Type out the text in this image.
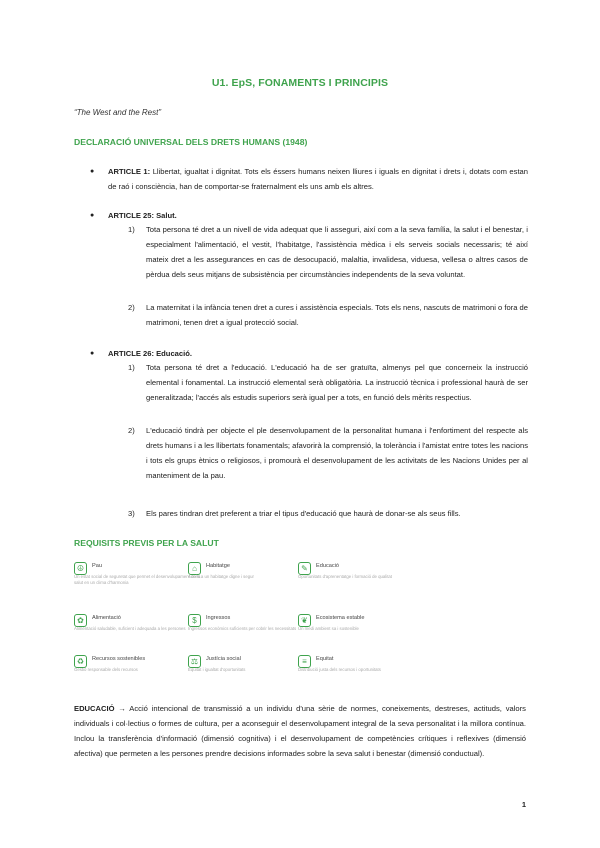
U1. EpS, FONAMENTS I PRINCIPIS
“The West and the Rest”
DECLARACIÓ UNIVERSAL DELS DRETS HUMANS (1948)
● ARTICLE 1: Llibertat, igualtat i dignitat. Tots els éssers humans neixen lliures i iguals en dignitat i drets i, dotats com estan de raó i consciència, han de comportar-se fraternalment els uns amb els altres.
● ARTICLE 25: Salut.
1) Tota persona té dret a un nivell de vida adequat que li asseguri, així com a la seva família, la salut i el benestar, i especialment l'alimentació, el vestit, l'habitatge, l'assistència mèdica i els serveis socials necessaris; té així mateix dret a les assegurances en cas de desocupació, malaltia, invalidesa, viduesa, vellesa o altres casos de pèrdua dels seus mitjans de subsistència per circumstàncies independents de la seva voluntat.
2) La maternitat i la infància tenen dret a cures i assistència especials. Tots els nens, nascuts de matrimoni o fora de matrimoni, tenen dret a igual protecció social.
● ARTICLE 26: Educació.
1) Tota persona té dret a l'educació. L'educació ha de ser gratuïta, almenys pel que concerneix la instrucció elemental i fonamental. La instrucció elemental serà obligatòria. La instrucció tècnica i professional haurà de ser generalitzada; l'accés als estudis superiors serà igual per a tots, en funció dels mèrits respectius.
2) L'educació tindrà per objecte el ple desenvolupament de la personalitat humana i l'enfortiment del respecte als drets humans i a les llibertats fonamentals; afavorirà la comprensió, la tolerància i l'amistat entre totes les nacions i tots els grups ètnics o religiosos, i promourà el desenvolupament de les activitats de les Nacions Unides per al manteniment de la pau.
3) Els pares tindran dret preferent a triar el tipus d'educació que haurà de donar-se als seus fills.
REQUISITS PREVIS PER LA SALUT
☮	Pau
Un estat social de seguretat que permet el desenvolupament de la salut en un clima d'harmonia
⌂	Habitatge
Accés a un habitatge digne i segur
✎	Educació
Oportunitats d'aprenentatge i formació de qualitat
✿	Alimentació
Alimentació saludable, suficient i adequada a les persones
$	Ingressos
Ingressos econòmics suficients per cobrir les necessitats
❦	Ecosistema estable
Un medi ambient sa i sostenible
♻	Recursos sostenibles
Gestió responsable dels recursos
⚖	Justícia social
Equitat i igualtat d'oportunitats
≡	Equitat
Distribució justa dels recursos i oportunitats
EDUCACIÓ → Acció intencional de transmissió a un individu d'una sèrie de normes, coneixements, destreses, actituds, valors individuals i col·lectius o formes de cultura, per a aconseguir el desenvolupament integral de la seva personalitat i la millora contínua. Inclou la transferència d'informació (dimensió cognitiva) i el desenvolupament de competències crítiques i reflexives (dimensió afectiva) que permeten a les persones prendre decisions informades sobre la seva salut i benestar (dimensió conductual).
1
